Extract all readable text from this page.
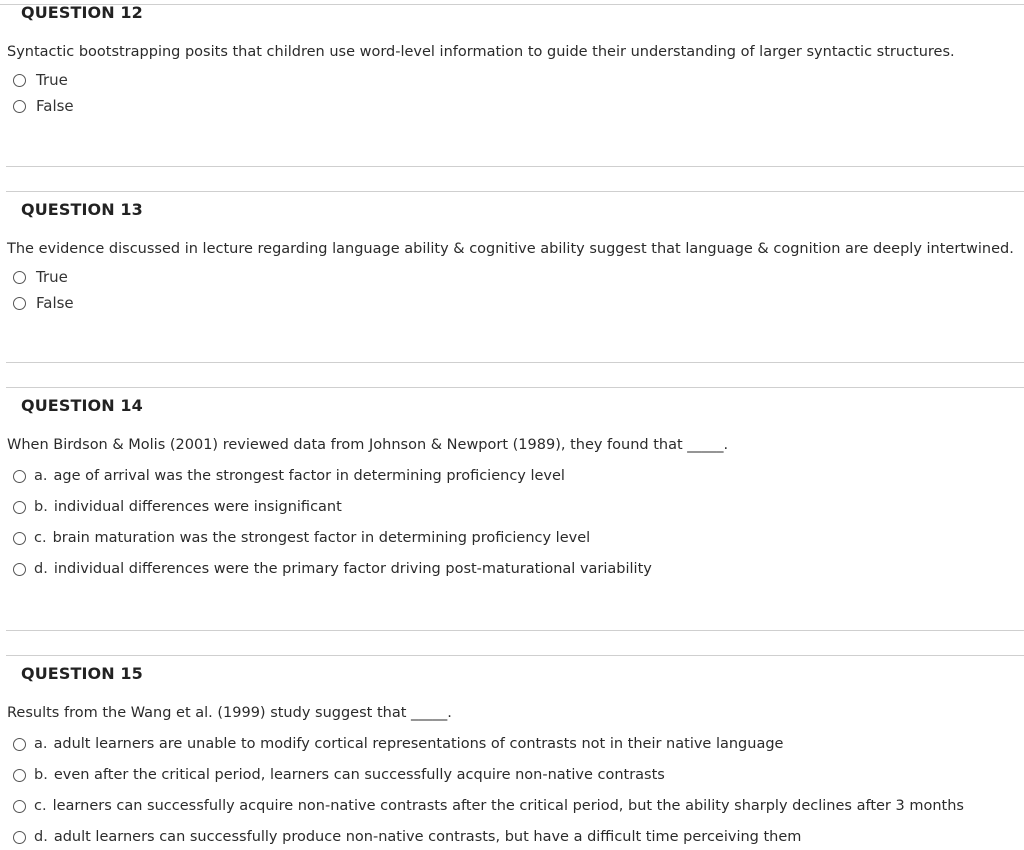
QUESTION 12
Syntactic bootstrapping posits that children use word-level information to guide their understanding of larger syntactic structures.
True
False
QUESTION 13
The evidence discussed in lecture regarding language ability & cognitive ability suggest that language & cognition are deeply intertwined.
True
False
QUESTION 14
When Birdson & Molis (2001) reviewed data from Johnson & Newport (1989), they found that _____.
a. age of arrival was the strongest factor in determining proficiency level
b. individual differences were insignificant
c. brain maturation was the strongest factor in determining proficiency level
d. individual differences were the primary factor driving post-maturational variability
QUESTION 15
Results from the Wang et al. (1999) study suggest that _____.
a. adult learners are unable to modify cortical representations of contrasts not in their native language
b. even after the critical period, learners can successfully acquire non-native contrasts
c. learners can successfully acquire non-native contrasts after the critical period, but the ability sharply declines after 3 months
d. adult learners can successfully produce non-native contrasts, but have a difficult time perceiving them
